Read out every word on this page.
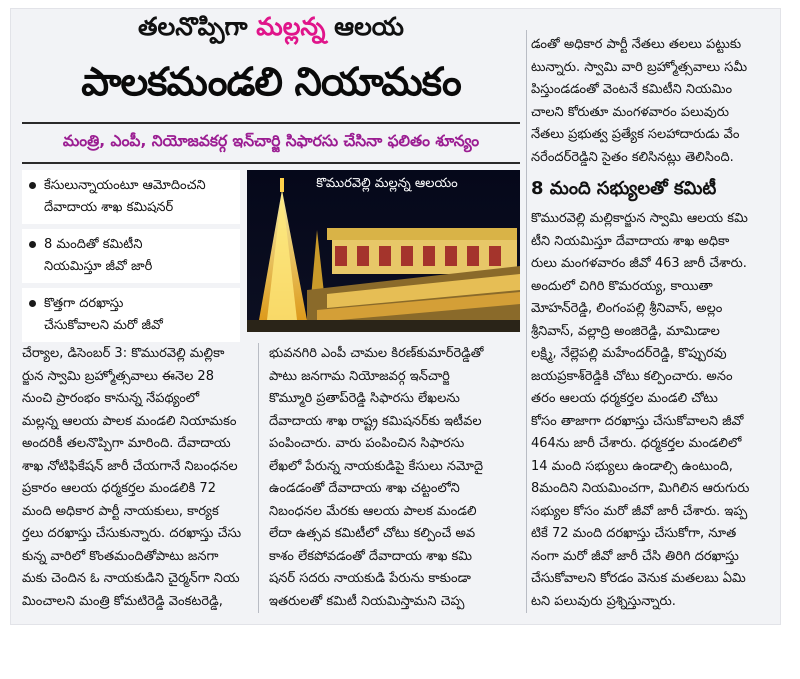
తలనొప్పిగా మల్లన్న ఆలయ
పాలకమండలి నియామకం
మంత్రి, ఎంపీ, నియోజవకర్గ ఇన్‌చార్జి సిఫారసు చేసినా ఫలితం శూన్యం
కేసులున్నాయంటూ ఆమోదించని
దేవాదాయ శాఖ కమిషనర్
8 మందితో కమిటీని
నియమిస్తూ జీవో జారీ
కొత్తగా దరఖాస్తు
చేసుకోవాలని మరో జీవో
కొమురవెల్లి మల్లన్న ఆలయం
చేర్యాల, డిసెంబర్ 3: కొమురవెల్లి మల్లికా
ర్జున స్వామి బ్రహ్మోత్సవాలు ఈనెల 28
నుంచి ప్రారంభం కానున్న నేపథ్యంలో
మల్లన్న ఆలయ పాలక మండలి నియామకం
అందరికీ తలనొప్పిగా మారింది. దేవాదాయ
శాఖ నోటిఫికేషన్ జారీ చేయగానే నిబంధనల
ప్రకారం ఆలయ ధర్మకర్తల మండలికి 72
మంది అధికార పార్టీ నాయకులు, కార్యక
ర్తలు దరఖాస్తు చేసుకున్నారు. దరఖాస్తు చేసు
కున్న వారిలో కొంతమందితోపాటు జనగా
మకు చెందిన ఓ నాయకుడిని చైర్మన్‌గా నియ
మించాలని మంత్రి కోమటిరెడ్డి వెంకటరెడ్డి,
భువనగిరి ఎంపీ చామల కిరణ్‌కుమార్‌రెడ్డితో
పాటు జనగామ నియోజవర్గ ఇన్‌చార్జి
కొమ్మూరి ప్రతాప్‌రెడ్డి సిఫారసు లేఖలను
దేవాదాయ శాఖ రాష్ట్ర కమిషనర్‌కు ఇటీవల
పంపించారు. వారు పంపించిన సిఫారసు
లేఖలో పేరున్న నాయకుడిపై కేసులు నమోదై
ఉండడంతో దేవాదాయ శాఖ చట్టంలోని
నిబంధనల మేరకు ఆలయ పాలక మండలి
లేదా ఉత్సవ కమిటీలో చోటు కల్పించే అవ
కాశం లేకపోవడంతో దేవాదాయ శాఖ కమి
షనర్ సదరు నాయకుడి పేరును కాకుండా
ఇతరులతో కమిటీ నియమిస్తామని చెప్ప
డంతో అధికార పార్టీ నేతలు తలలు పట్టుకు
టున్నారు. స్వామి వారి బ్రహ్మోత్సవాలు సమీ
పిస్తుండడంతో వెంటనే కమిటీని నియమిం
చాలని కోరుతూ మంగళవారం పలువురు
నేతలు ప్రభుత్వ ప్రత్యేక సలహాదారుడు వేం
నరేందర్‌రెడ్డిని సైతం కలిసినట్లు తెలిసింది.
8 మంది సభ్యులతో కమిటీ
కొమురవెల్లి మల్లికార్జున స్వామి ఆలయ కమి
టీని నియమిస్తూ దేవాదాయ శాఖ అధికా
రులు మంగళవారం జీవో 463 జారీ చేశారు.
అందులో చిగిరి కొమరయ్య, కాయితా
మోహన్‌రెడ్డి, లింగంపల్లి శ్రీనివాస్, అల్లం
శ్రీనివాస్, వల్లాద్రి అంజిరెడ్డి, మామిడాల
లక్ష్మి, నేల్లెపల్లి మహేందర్‌రెడ్డి, కొప్పురవు
జయప్రకాశ్‌రెడ్డికి చోటు కల్పించారు. అనం
తరం ఆలయ ధర్మకర్తల మండలి చోటు
కోసం తాజాగా దరఖాస్తు చేసుకోవాలని జీవో
464ను జారీ చేశారు. ధర్మకర్తల మండలిలో
14 మంది సభ్యులు ఉండాల్సి ఉంటుంది,
8మందిని నియమించగా, మిగిలిన ఆరుగురు
సభ్యుల కోసం మరో జీవో జారీ చేశారు. ఇప్ప
టికే 72 మంది దరఖాస్తు చేసుకోగా, నూత
నంగా మరో జీవో జారీ చేసి తిరిగి దరఖాస్తు
చేసుకోవాలని కోరడం వెనుక మతలబు ఏమి
టని పలువురు ప్రశ్నిస్తున్నారు.
